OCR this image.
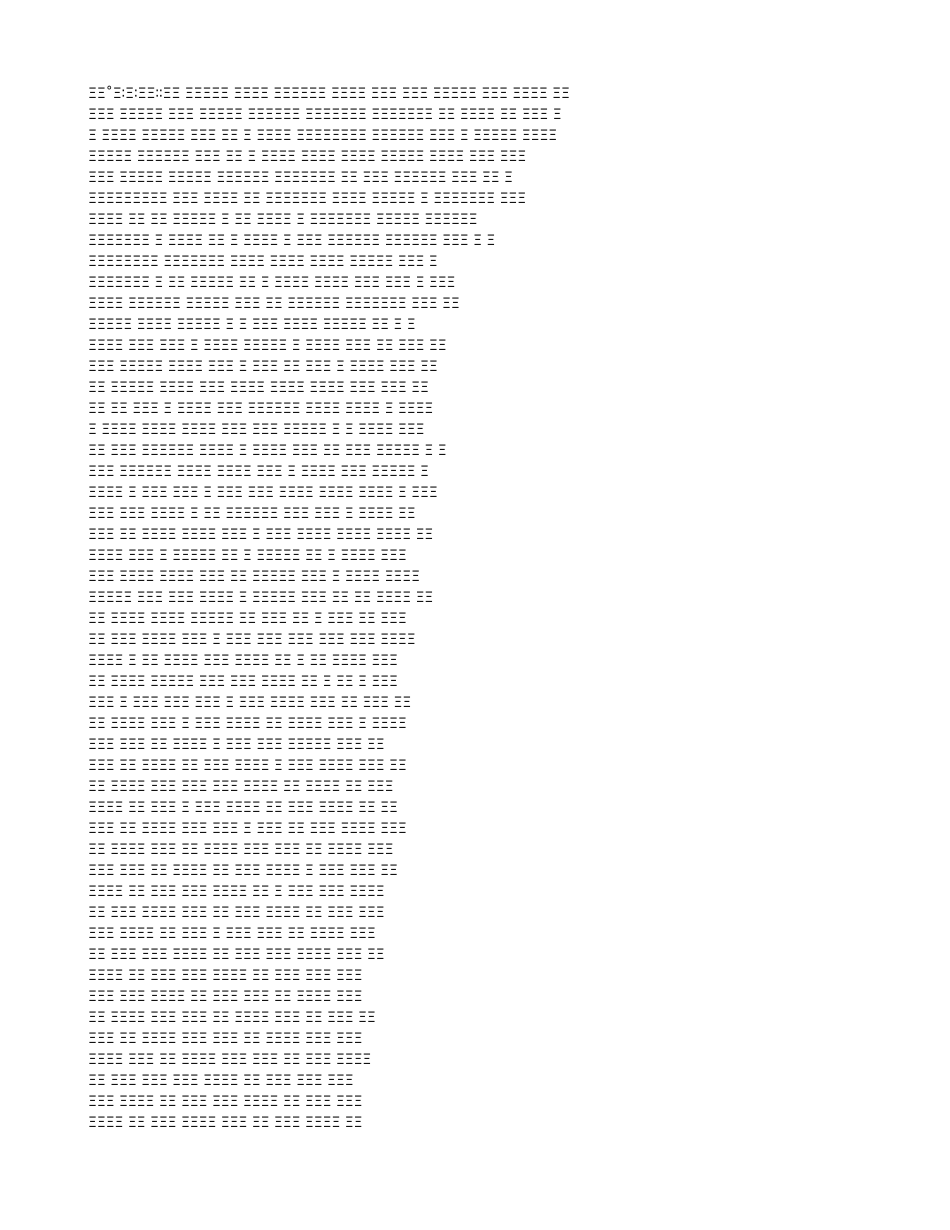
ΞΞ˚Ξ∶Ξ∶ΞΞ∶∶ΞΞ ΞΞΞΞΞ ΞΞΞΞ ΞΞΞΞΞΞ ΞΞΞΞ ΞΞΞ ΞΞΞ ΞΞΞΞΞ ΞΞΞ ΞΞΞΞ ΞΞ
ΞΞΞ ΞΞΞΞΞ ΞΞΞ ΞΞΞΞΞ ΞΞΞΞΞΞ ΞΞΞΞΞΞΞ ΞΞΞΞΞΞΞ ΞΞ ΞΞΞΞ ΞΞ ΞΞΞ Ξ
Ξ ΞΞΞΞ ΞΞΞΞΞ ΞΞΞ ΞΞ Ξ ΞΞΞΞ ΞΞΞΞΞΞΞΞ ΞΞΞΞΞΞ ΞΞΞ Ξ ΞΞΞΞΞ ΞΞΞΞ
ΞΞΞΞΞ ΞΞΞΞΞΞ ΞΞΞ ΞΞ Ξ ΞΞΞΞ ΞΞΞΞ ΞΞΞΞ ΞΞΞΞΞ ΞΞΞΞ ΞΞΞ ΞΞΞ
ΞΞΞ ΞΞΞΞΞ ΞΞΞΞΞ ΞΞΞΞΞΞ ΞΞΞΞΞΞΞ ΞΞ ΞΞΞ ΞΞΞΞΞΞ ΞΞΞ ΞΞ Ξ
ΞΞΞΞΞΞΞΞΞ ΞΞΞ ΞΞΞΞ ΞΞ ΞΞΞΞΞΞΞ ΞΞΞΞ ΞΞΞΞΞ Ξ ΞΞΞΞΞΞΞ ΞΞΞ
ΞΞΞΞ ΞΞ ΞΞ ΞΞΞΞΞ Ξ ΞΞ ΞΞΞΞ Ξ ΞΞΞΞΞΞΞ ΞΞΞΞΞ ΞΞΞΞΞΞ
ΞΞΞΞΞΞΞ Ξ ΞΞΞΞ ΞΞ Ξ ΞΞΞΞ Ξ ΞΞΞ ΞΞΞΞΞΞ ΞΞΞΞΞΞ ΞΞΞ Ξ Ξ
ΞΞΞΞΞΞΞΞ ΞΞΞΞΞΞΞ ΞΞΞΞ ΞΞΞΞ ΞΞΞΞ ΞΞΞΞΞ ΞΞΞ Ξ
ΞΞΞΞΞΞΞ Ξ ΞΞ ΞΞΞΞΞ ΞΞ Ξ ΞΞΞΞ ΞΞΞΞ ΞΞΞ ΞΞΞ Ξ ΞΞΞ
ΞΞΞΞ ΞΞΞΞΞΞ ΞΞΞΞΞ ΞΞΞ ΞΞ ΞΞΞΞΞΞ ΞΞΞΞΞΞΞ ΞΞΞ ΞΞ
ΞΞΞΞΞ ΞΞΞΞ ΞΞΞΞΞ Ξ Ξ ΞΞΞ ΞΞΞΞ ΞΞΞΞΞ ΞΞ Ξ Ξ
ΞΞΞΞ ΞΞΞ ΞΞΞ Ξ ΞΞΞΞ ΞΞΞΞΞ Ξ ΞΞΞΞ ΞΞΞ ΞΞ ΞΞΞ ΞΞ
ΞΞΞ ΞΞΞΞΞ ΞΞΞΞ ΞΞΞ Ξ ΞΞΞ ΞΞ ΞΞΞ Ξ ΞΞΞΞ ΞΞΞ ΞΞ
ΞΞ ΞΞΞΞΞ ΞΞΞΞ ΞΞΞ ΞΞΞΞ ΞΞΞΞ ΞΞΞΞ ΞΞΞ ΞΞΞ ΞΞ
ΞΞ ΞΞ ΞΞΞ Ξ ΞΞΞΞ ΞΞΞ ΞΞΞΞΞΞ ΞΞΞΞ ΞΞΞΞ Ξ ΞΞΞΞ
Ξ ΞΞΞΞ ΞΞΞΞ ΞΞΞΞ ΞΞΞ ΞΞΞ ΞΞΞΞΞ Ξ Ξ ΞΞΞΞ ΞΞΞ
ΞΞ ΞΞΞ ΞΞΞΞΞΞ ΞΞΞΞ Ξ ΞΞΞΞ ΞΞΞ ΞΞ ΞΞΞ ΞΞΞΞΞ Ξ Ξ
ΞΞΞ ΞΞΞΞΞΞ ΞΞΞΞ ΞΞΞΞ ΞΞΞ Ξ ΞΞΞΞ ΞΞΞ ΞΞΞΞΞ Ξ
ΞΞΞΞ Ξ ΞΞΞ ΞΞΞ Ξ ΞΞΞ ΞΞΞ ΞΞΞΞ ΞΞΞΞ ΞΞΞΞ Ξ ΞΞΞ
ΞΞΞ ΞΞΞ ΞΞΞΞ Ξ ΞΞ ΞΞΞΞΞΞ ΞΞΞ ΞΞΞ Ξ ΞΞΞΞ ΞΞ
ΞΞΞ ΞΞ ΞΞΞΞ ΞΞΞΞ ΞΞΞ Ξ ΞΞΞ ΞΞΞΞ ΞΞΞΞ ΞΞΞΞ ΞΞ
ΞΞΞΞ ΞΞΞ Ξ ΞΞΞΞΞ ΞΞ Ξ ΞΞΞΞΞ ΞΞ Ξ ΞΞΞΞ ΞΞΞ
ΞΞΞ ΞΞΞΞ ΞΞΞΞ ΞΞΞ ΞΞ ΞΞΞΞΞ ΞΞΞ Ξ ΞΞΞΞ ΞΞΞΞ
ΞΞΞΞΞ ΞΞΞ ΞΞΞ ΞΞΞΞ Ξ ΞΞΞΞΞ ΞΞΞ ΞΞ ΞΞ ΞΞΞΞ ΞΞ
ΞΞ ΞΞΞΞ ΞΞΞΞ ΞΞΞΞΞ ΞΞ ΞΞΞ ΞΞ Ξ ΞΞΞ ΞΞ ΞΞΞ
ΞΞ ΞΞΞ ΞΞΞΞ ΞΞΞ Ξ ΞΞΞ ΞΞΞ ΞΞΞ ΞΞΞ ΞΞΞ ΞΞΞΞ
ΞΞΞΞ Ξ ΞΞ ΞΞΞΞ ΞΞΞ ΞΞΞΞ ΞΞ Ξ ΞΞ ΞΞΞΞ ΞΞΞ
ΞΞ ΞΞΞΞ ΞΞΞΞΞ ΞΞΞ ΞΞΞ ΞΞΞΞ ΞΞ Ξ ΞΞ Ξ ΞΞΞ
ΞΞΞ Ξ ΞΞΞ ΞΞΞ ΞΞΞ Ξ ΞΞΞ ΞΞΞΞ ΞΞΞ ΞΞ ΞΞΞ ΞΞ
ΞΞ ΞΞΞΞ ΞΞΞ Ξ ΞΞΞ ΞΞΞΞ ΞΞ ΞΞΞΞ ΞΞΞ Ξ ΞΞΞΞ
ΞΞΞ ΞΞΞ ΞΞ ΞΞΞΞ Ξ ΞΞΞ ΞΞΞ ΞΞΞΞΞ ΞΞΞ ΞΞ
ΞΞΞ ΞΞ ΞΞΞΞ ΞΞ ΞΞΞ ΞΞΞΞ Ξ ΞΞΞ ΞΞΞΞ ΞΞΞ ΞΞ
ΞΞ ΞΞΞΞ ΞΞΞ ΞΞΞ ΞΞΞ ΞΞΞΞ ΞΞ ΞΞΞΞ ΞΞ ΞΞΞ
ΞΞΞΞ ΞΞ ΞΞΞ Ξ ΞΞΞ ΞΞΞΞ ΞΞ ΞΞΞ ΞΞΞΞ ΞΞ ΞΞ
ΞΞΞ ΞΞ ΞΞΞΞ ΞΞΞ ΞΞΞ Ξ ΞΞΞ ΞΞ ΞΞΞ ΞΞΞΞ ΞΞΞ
ΞΞ ΞΞΞΞ ΞΞΞ ΞΞ ΞΞΞΞ ΞΞΞ ΞΞΞ ΞΞ ΞΞΞΞ ΞΞΞ
ΞΞΞ ΞΞΞ ΞΞ ΞΞΞΞ ΞΞ ΞΞΞ ΞΞΞΞ Ξ ΞΞΞ ΞΞΞ ΞΞ
ΞΞΞΞ ΞΞ ΞΞΞ ΞΞΞ ΞΞΞΞ ΞΞ Ξ ΞΞΞ ΞΞΞ ΞΞΞΞ
ΞΞ ΞΞΞ ΞΞΞΞ ΞΞΞ ΞΞ ΞΞΞ ΞΞΞΞ ΞΞ ΞΞΞ ΞΞΞ
ΞΞΞ ΞΞΞΞ ΞΞ ΞΞΞ Ξ ΞΞΞ ΞΞΞ ΞΞ ΞΞΞΞ ΞΞΞ
ΞΞ ΞΞΞ ΞΞΞ ΞΞΞΞ ΞΞ ΞΞΞ ΞΞΞ ΞΞΞΞ ΞΞΞ ΞΞ
ΞΞΞΞ ΞΞ ΞΞΞ ΞΞΞ ΞΞΞΞ ΞΞ ΞΞΞ ΞΞΞ ΞΞΞ
ΞΞΞ ΞΞΞ ΞΞΞΞ ΞΞ ΞΞΞ ΞΞΞ ΞΞ ΞΞΞΞ ΞΞΞ
ΞΞ ΞΞΞΞ ΞΞΞ ΞΞΞ ΞΞ ΞΞΞΞ ΞΞΞ ΞΞ ΞΞΞ ΞΞ
ΞΞΞ ΞΞ ΞΞΞΞ ΞΞΞ ΞΞΞ ΞΞ ΞΞΞΞ ΞΞΞ ΞΞΞ
ΞΞΞΞ ΞΞΞ ΞΞ ΞΞΞΞ ΞΞΞ ΞΞΞ ΞΞ ΞΞΞ ΞΞΞΞ
ΞΞ ΞΞΞ ΞΞΞ ΞΞΞ ΞΞΞΞ ΞΞ ΞΞΞ ΞΞΞ ΞΞΞ
ΞΞΞ ΞΞΞΞ ΞΞ ΞΞΞ ΞΞΞ ΞΞΞΞ ΞΞ ΞΞΞ ΞΞΞ
ΞΞΞΞ ΞΞ ΞΞΞ ΞΞΞΞ ΞΞΞ ΞΞ ΞΞΞ ΞΞΞΞ ΞΞ
